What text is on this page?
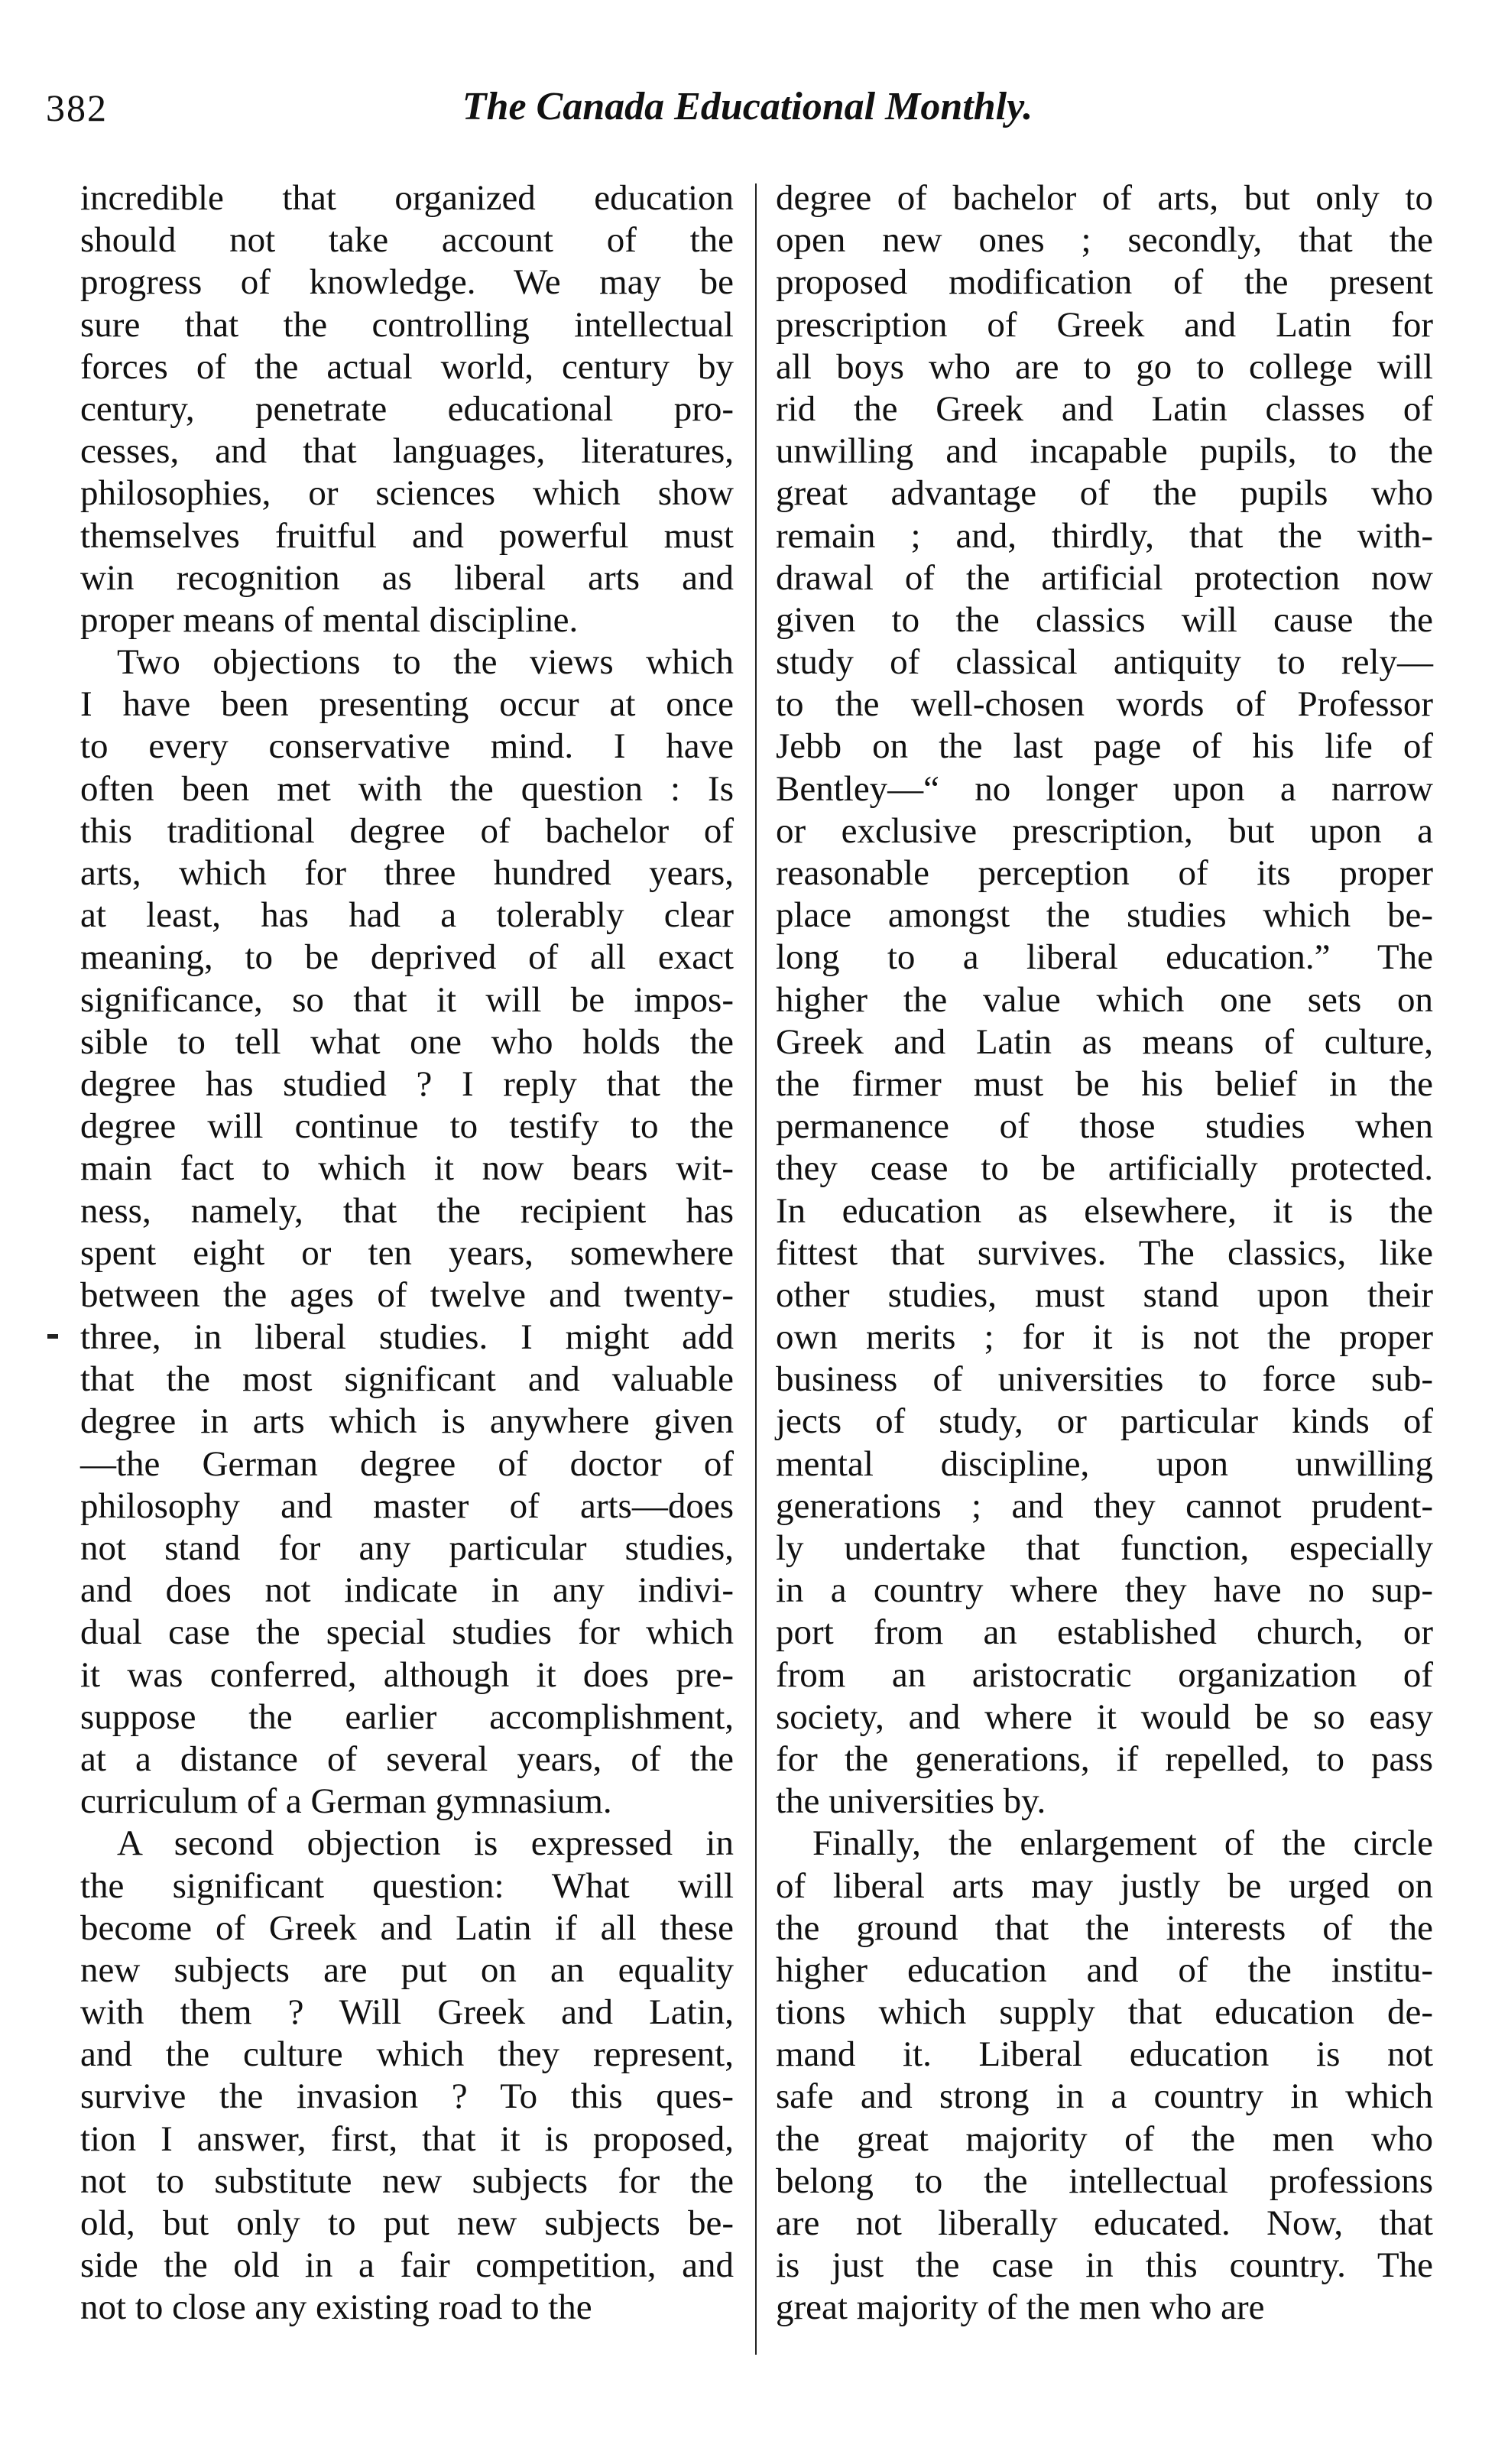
382	The Canada Educational Monthly.
incredible that organized education
should not take account of the
progress of knowledge. We may be
sure that the controlling intellectual
forces of the actual world, century by
century, penetrate educational pro-
cesses, and that languages, literatures,
philosophies, or sciences which show
themselves fruitful and powerful must
win recognition as liberal arts and
proper means of mental discipline.
Two objections to the views which
I have been presenting occur at once
to every conservative mind. I have
often been met with the question : Is
this traditional degree of bachelor of
arts, which for three hundred years,
at least, has had a tolerably clear
meaning, to be deprived of all exact
significance, so that it will be impos-
sible to tell what one who holds the
degree has studied ? I reply that the
degree will continue to testify to the
main fact to which it now bears wit-
ness, namely, that the recipient has
spent eight or ten years, somewhere
between the ages of twelve and twenty-
three, in liberal studies. I might add
that the most significant and valuable
degree in arts which is anywhere given
—the German degree of doctor of
philosophy and master of arts—does
not stand for any particular studies,
and does not indicate in any indivi-
dual case the special studies for which
it was conferred, although it does pre-
suppose the earlier accomplishment,
at a distance of several years, of the
curriculum of a German gymnasium.
A second objection is expressed in
the significant question: What will
become of Greek and Latin if all these
new subjects are put on an equality
with them ? Will Greek and Latin,
and the culture which they represent,
survive the invasion ? To this ques-
tion I answer, first, that it is proposed,
not to substitute new subjects for the
old, but only to put new subjects be-
side the old in a fair competition, and
not to close any existing road to the
degree of bachelor of arts, but only to
open new ones ; secondly, that the
proposed modification of the present
prescription of Greek and Latin for
all boys who are to go to college will
rid the Greek and Latin classes of
unwilling and incapable pupils, to the
great advantage of the pupils who
remain ; and, thirdly, that the with-
drawal of the artificial protection now
given to the classics will cause the
study of classical antiquity to rely—
to the well-chosen words of Professor
Jebb on the last page of his life of
Bentley—“ no longer upon a narrow
or exclusive prescription, but upon a
reasonable perception of its proper
place amongst the studies which be-
long to a liberal education.” The
higher the value which one sets on
Greek and Latin as means of culture,
the firmer must be his belief in the
permanence of those studies when
they cease to be artificially protected.
In education as elsewhere, it is the
fittest that survives. The classics, like
other studies, must stand upon their
own merits ; for it is not the proper
business of universities to force sub-
jects of study, or particular kinds of
mental discipline, upon unwilling
generations ; and they cannot prudent-
ly undertake that function, especially
in a country where they have no sup-
port from an established church, or
from an aristocratic organization of
society, and where it would be so easy
for the generations, if repelled, to pass
the universities by.
Finally, the enlargement of the circle
of liberal arts may justly be urged on
the ground that the interests of the
higher education and of the institu-
tions which supply that education de-
mand it. Liberal education is not
safe and strong in a country in which
the great majority of the men who
belong to the intellectual professions
are not liberally educated. Now, that
is just the case in this country. The
great majority of the men who are
